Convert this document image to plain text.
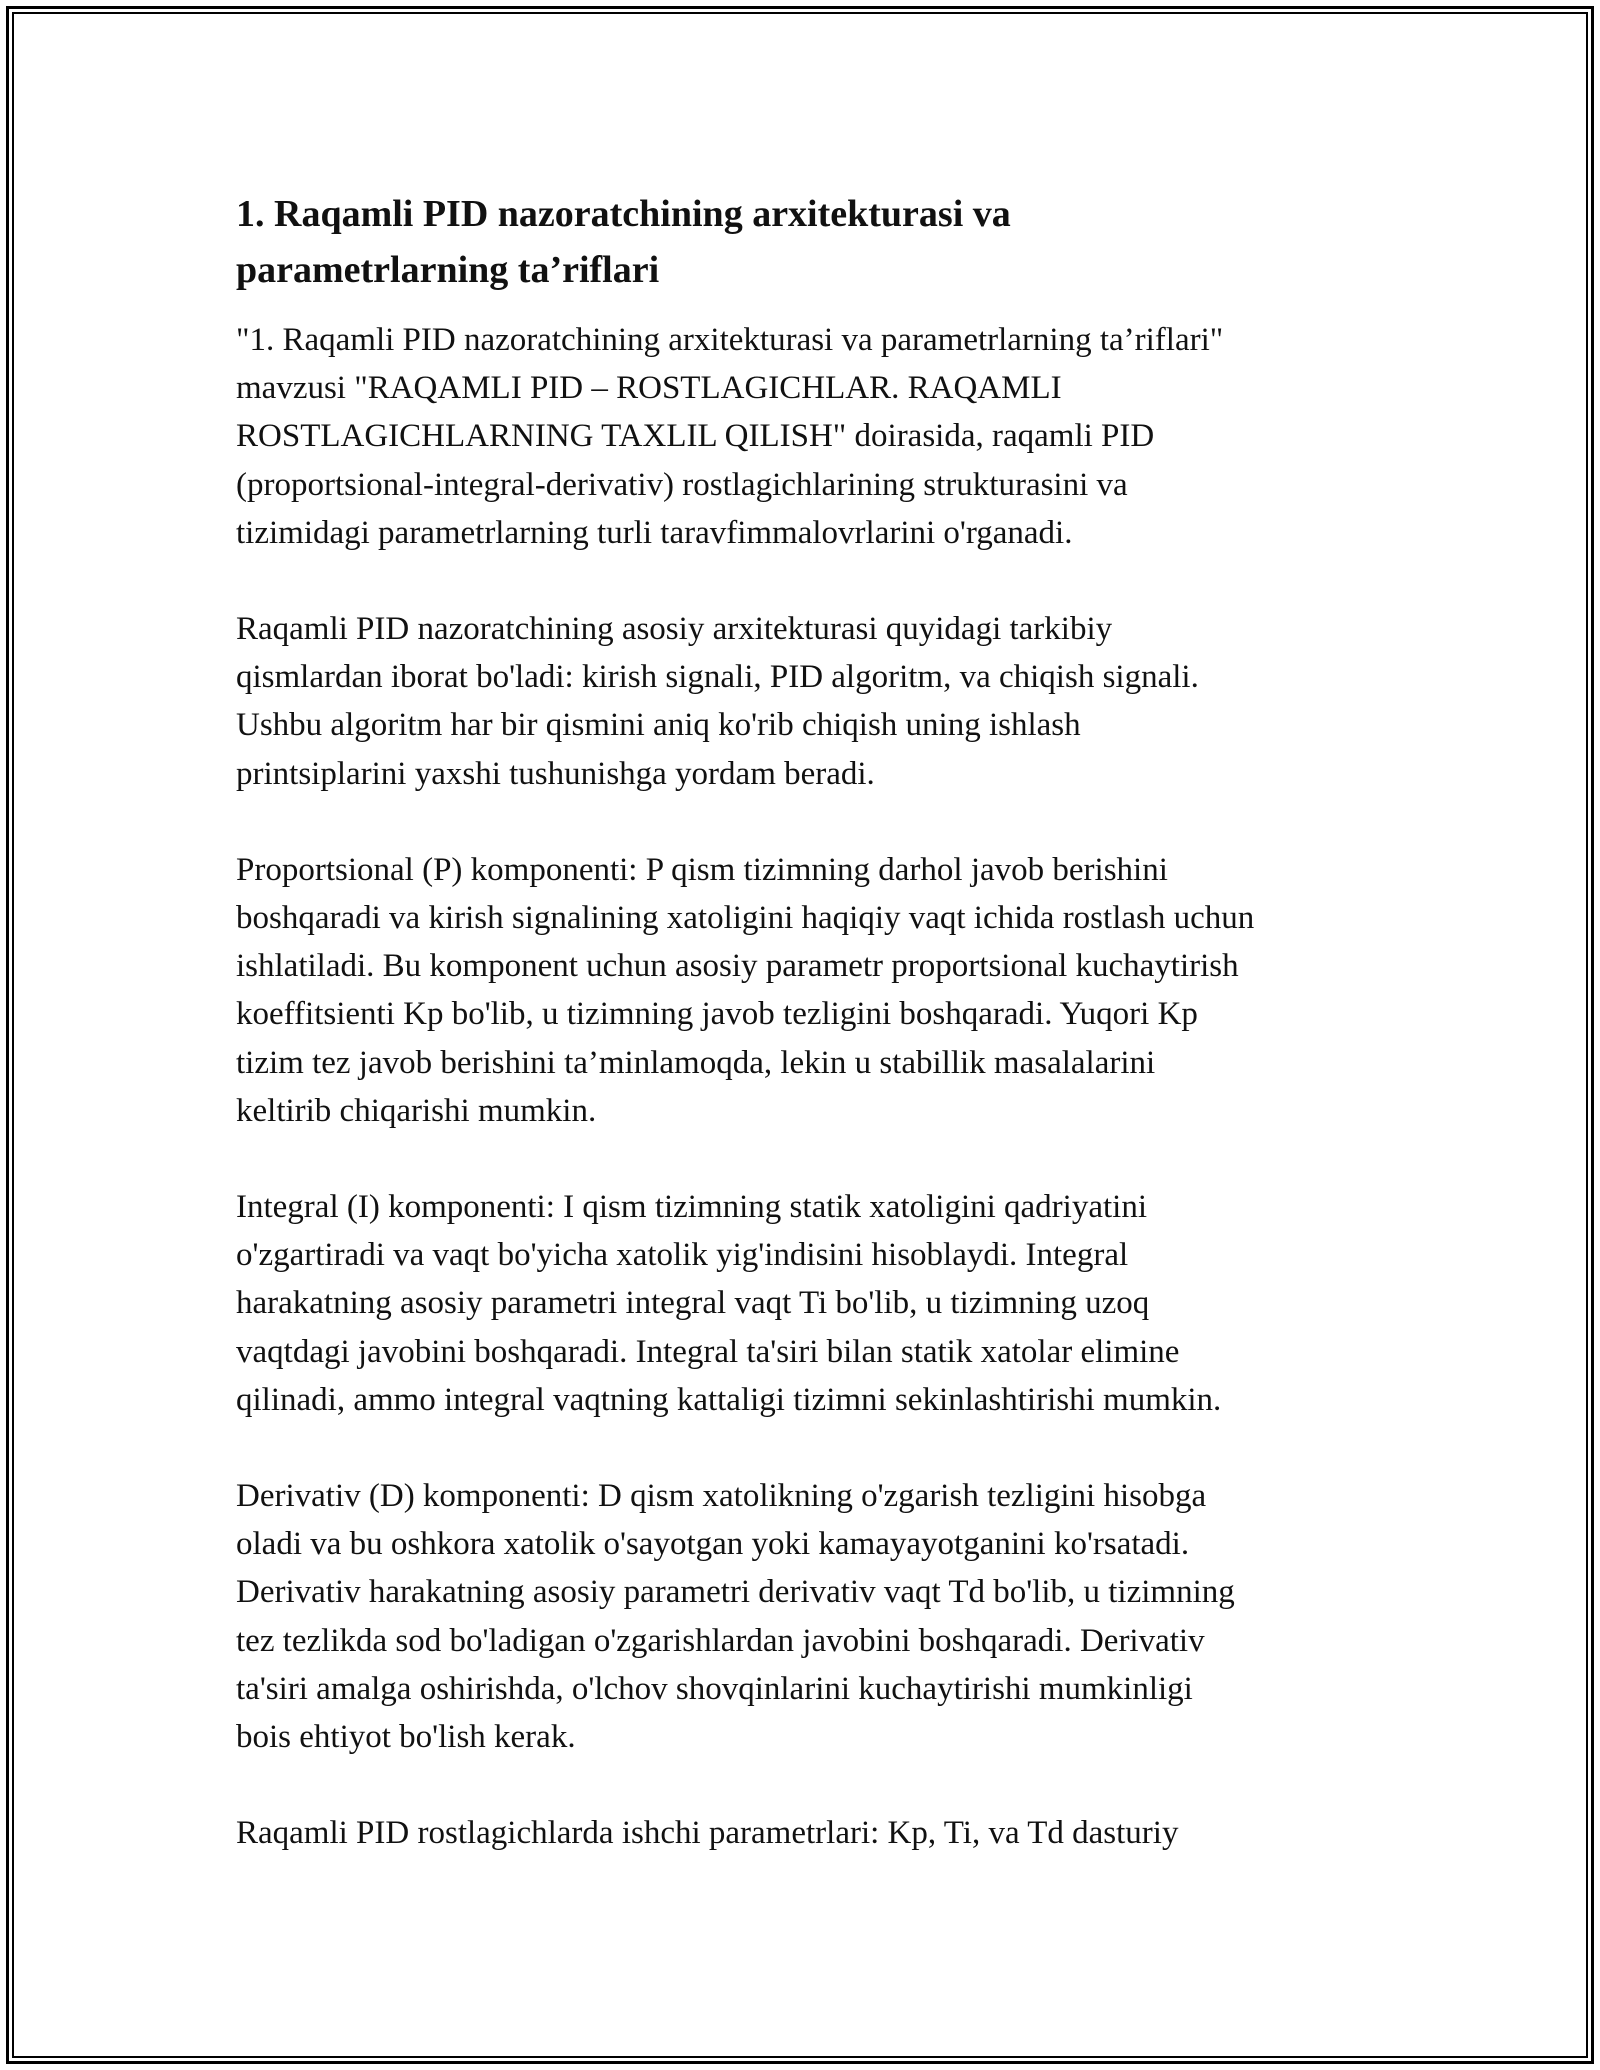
1. Raqamli PID nazoratchining arxitekturasi va
parametrlarning ta’riflari

"1. Raqamli PID nazoratchining arxitekturasi va parametrlarning ta’riflari"
mavzusi "RAQAMLI PID – ROSTLAGICHLAR. RAQAMLI
ROSTLAGICHLARNING TAXLIL QILISH" doirasida, raqamli PID
(proportsional-integral-derivativ) rostlagichlarining strukturasini va
tizimidagi parametrlarning turli taravfimmalovrlarini o'rganadi.

Raqamli PID nazoratchining asosiy arxitekturasi quyidagi tarkibiy
qismlardan iborat bo'ladi: kirish signali, PID algoritm, va chiqish signali.
Ushbu algoritm har bir qismini aniq ko'rib chiqish uning ishlash
printsiplarini yaxshi tushunishga yordam beradi.

Proportsional (P) komponenti: P qism tizimning darhol javob berishini
boshqaradi va kirish signalining xatoligini haqiqiy vaqt ichida rostlash uchun
ishlatiladi. Bu komponent uchun asosiy parametr proportsional kuchaytirish
koeffitsienti Kp bo'lib, u tizimning javob tezligini boshqaradi. Yuqori Kp
tizim tez javob berishini ta’minlamoqda, lekin u stabillik masalalarini
keltirib chiqarishi mumkin.

Integral (I) komponenti: I qism tizimning statik xatoligini qadriyatini
o'zgartiradi va vaqt bo'yicha xatolik yig'indisini hisoblaydi. Integral
harakatning asosiy parametri integral vaqt Ti bo'lib, u tizimning uzoq
vaqtdagi javobini boshqaradi. Integral ta'siri bilan statik xatolar elimine
qilinadi, ammo integral vaqtning kattaligi tizimni sekinlashtirishi mumkin.

Derivativ (D) komponenti: D qism xatolikning o'zgarish tezligini hisobga
oladi va bu oshkora xatolik o'sayotgan yoki kamayayotganini ko'rsatadi.
Derivativ harakatning asosiy parametri derivativ vaqt Td bo'lib, u tizimning
tez tezlikda sod bo'ladigan o'zgarishlardan javobini boshqaradi. Derivativ
ta'siri amalga oshirishda, o'lchov shovqinlarini kuchaytirishi mumkinligi
bois ehtiyot bo'lish kerak.

Raqamli PID rostlagichlarda ishchi parametrlari: Kp, Ti, va Td dasturiy
